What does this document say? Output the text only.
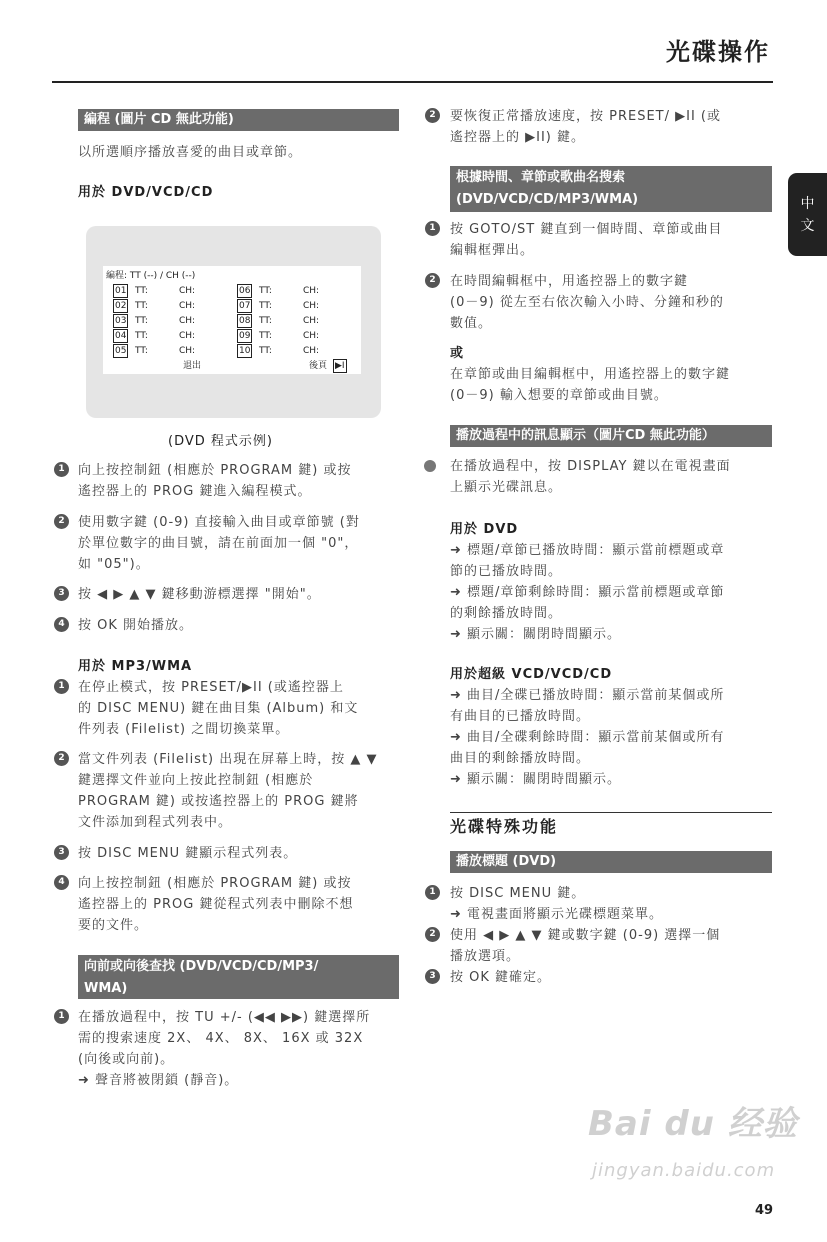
光碟操作
中
文
編程 (圖片 CD 無此功能)
以所選順序播放喜愛的曲目或章節。
用於 DVD/VCD/CD
編程: TT (--) / CH (--)
01 TT:	CH:	06 TT:	CH:
02 TT:	CH:	07 TT:	CH:
03 TT:	CH:	08 TT:	CH:
04 TT:	CH:	09 TT:	CH:
05 TT:	CH:	10 TT:	CH:
退出	後頁 ▶I
(DVD 程式示例)
1	向上按控制鈕 (相應於 PROGRAM 鍵) 或按
遙控器上的 PROG 鍵進入編程模式。
2	使用數字鍵 (0-9) 直接輸入曲目或章節號 (對
於單位數字的曲目號，請在前面加一個 "0"，
如 "05")。
3	按 ◀ ▶ ▲ ▼ 鍵移動游標選擇 "開始"。
4	按 OK 開始播放。
用於 MP3/WMA
1	在停止模式，按 PRESET/▶II (或遙控器上
的 DISC MENU) 鍵在曲目集 (Album) 和文
件列表 (Filelist) 之間切換菜單。
2	當文件列表 (Filelist) 出現在屏幕上時，按 ▲ ▼
鍵選擇文件並向上按此控制鈕 (相應於
PROGRAM 鍵) 或按遙控器上的 PROG 鍵將
文件添加到程式列表中。
3	按 DISC MENU 鍵顯示程式列表。
4	向上按控制鈕 (相應於 PROGRAM 鍵) 或按
遙控器上的 PROG 鍵從程式列表中刪除不想
要的文件。
向前或向後查找 (DVD/VCD/CD/MP3/
WMA)
1	在播放過程中，按 TU +/- (◀◀ ▶▶) 鍵選擇所
需的搜索速度 2X、 4X、 8X、 16X 或 32X
(向後或向前)。
➜ 聲音將被閉鎖 (靜音)。
2	要恢復正常播放速度，按 PRESET/ ▶II (或
遙控器上的 ▶II) 鍵。
根據時間、章節或歌曲名搜索
(DVD/VCD/CD/MP3/WMA)
1	按 GOTO/ST 鍵直到一個時間、章節或曲目
編輯框彈出。
2	在時間編輯框中，用遙控器上的數字鍵
(0－9) 從左至右依次輸入小時、分鐘和秒的
數值。
或
在章節或曲目編輯框中，用遙控器上的數字鍵
(0－9) 輸入想要的章節或曲目號。
播放過程中的訊息顯示（圖片CD 無此功能）
在播放過程中，按 DISPLAY 鍵以在電視畫面
上顯示光碟訊息。
用於 DVD
➜ 標題/章節已播放時間：顯示當前標題或章
節的已播放時間。
➜ 標題/章節剩餘時間：顯示當前標題或章節
的剩餘播放時間。
➜ 顯示關：關閉時間顯示。
用於超級 VCD/VCD/CD
➜ 曲目/全碟已播放時間：顯示當前某個或所
有曲目的已播放時間。
➜ 曲目/全碟剩餘時間：顯示當前某個或所有
曲目的剩餘播放時間。
➜ 顯示關：關閉時間顯示。
光碟特殊功能
播放標題 (DVD)
1	按 DISC MENU 鍵。
➜ 電視畫面將顯示光碟標題菜單。
2	使用 ◀ ▶ ▲ ▼ 鍵或數字鍵 (0-9) 選擇一個
播放選項。
3	按 OK 鍵確定。
Bai du 经验
jingyan.baidu.com
49
